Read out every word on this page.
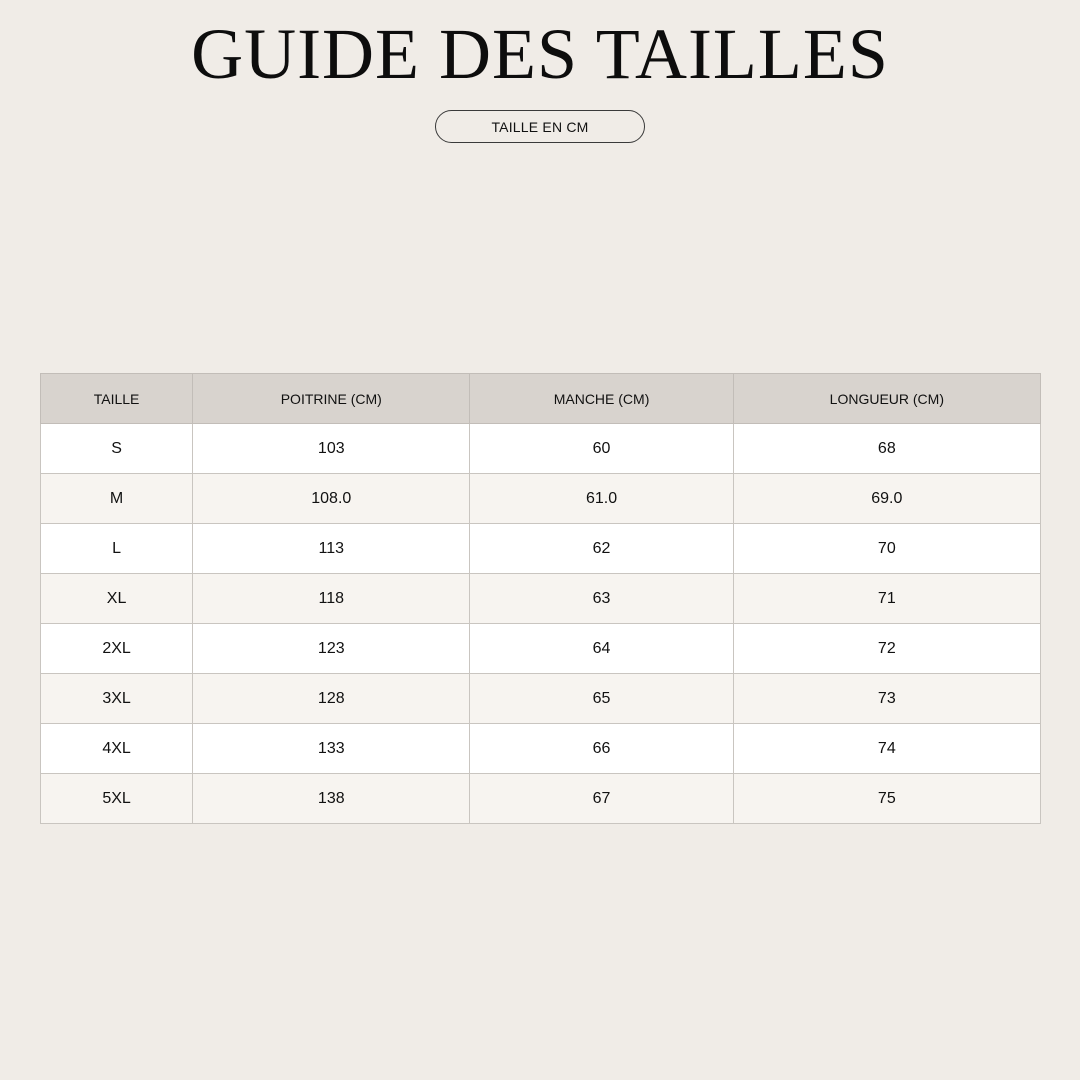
GUIDE DES TAILLES
TAILLE EN CM
TAILLE	POITRINE (CM)	MANCHE (CM)	LONGUEUR (CM)
S	103	60	68
M	108.0	61.0	69.0
L	113	62	70
XL	118	63	71
2XL	123	64	72
3XL	128	65	73
4XL	133	66	74
5XL	138	67	75
